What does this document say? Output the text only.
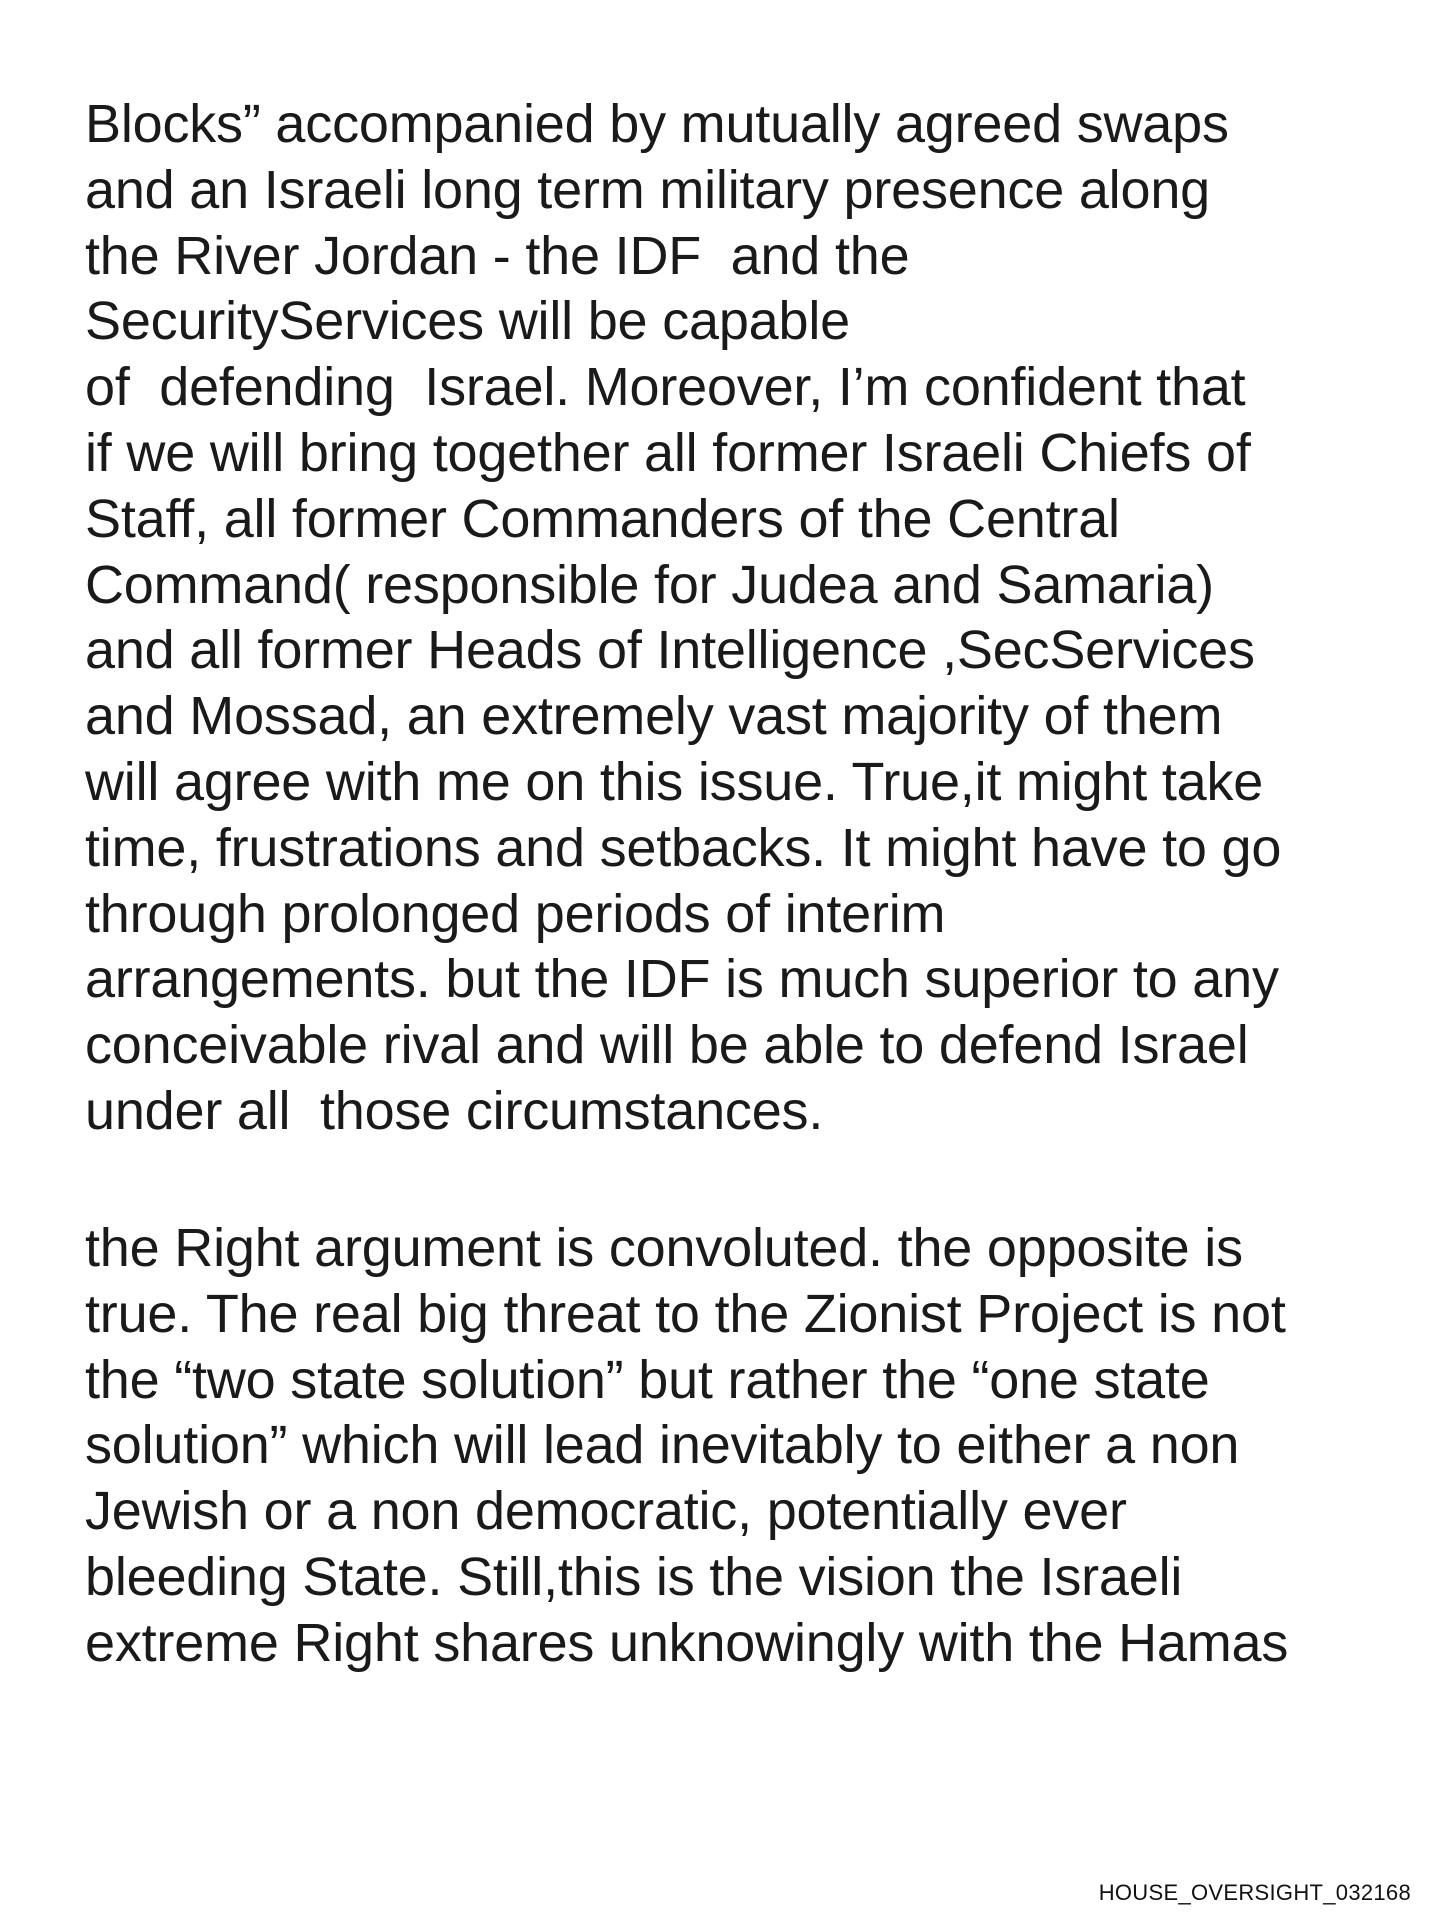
Blocks” accompanied by mutually agreed swaps
and an Israeli long term military presence along
the River Jordan - the IDF  and the
SecurityServices will be capable
of  defending  Israel. Moreover, I’m confident that
if we will bring together all former Israeli Chiefs of
Staff, all former Commanders of the Central
Command( responsible for Judea and Samaria)
and all former Heads of Intelligence ,SecServices
and Mossad, an extremely vast majority of them
will agree with me on this issue. True,it might take
time, frustrations and setbacks. It might have to go
through prolonged periods of interim
arrangements. but the IDF is much superior to any
conceivable rival and will be able to defend Israel
under all  those circumstances.

the Right argument is convoluted. the opposite is
true. The real big threat to the Zionist Project is not
the “two state solution” but rather the “one state
solution” which will lead inevitably to either a non
Jewish or a non democratic, potentially ever
bleeding State. Still,this is the vision the Israeli
extreme Right shares unknowingly with the Hamas

HOUSE_OVERSIGHT_032168
